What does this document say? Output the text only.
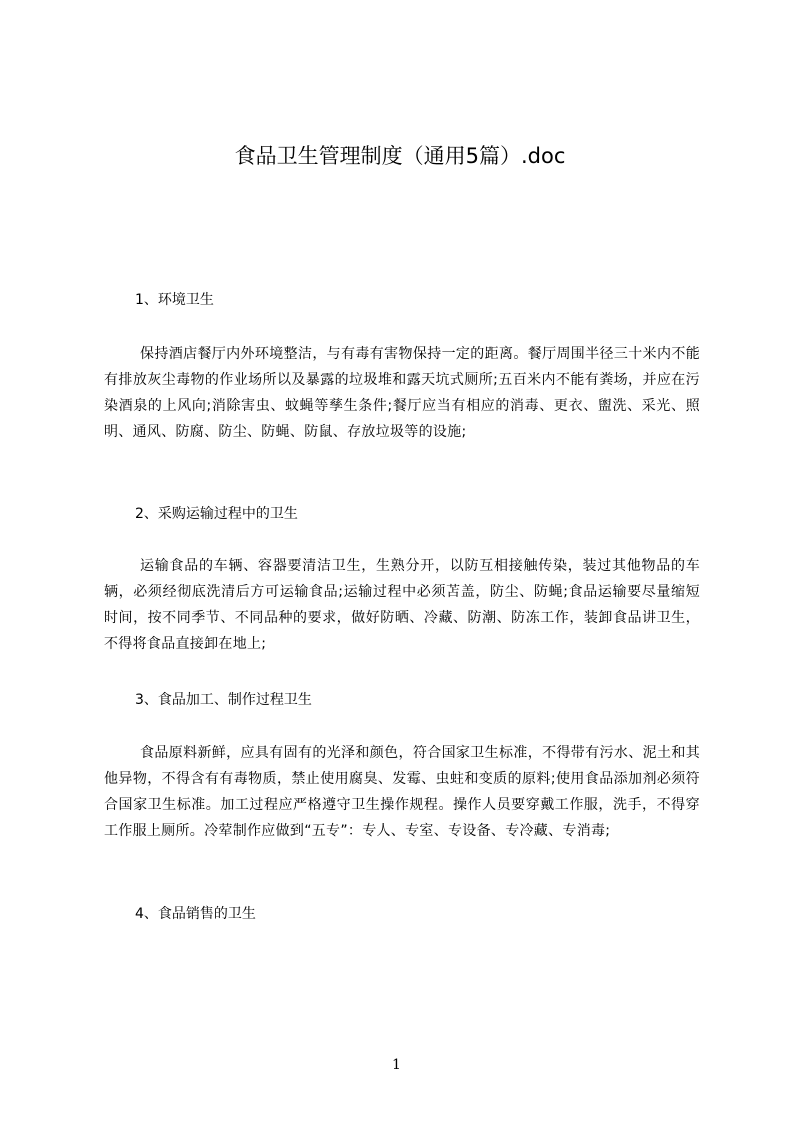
食品卫生管理制度（通用5篇）.doc
1、环境卫生
保持酒店餐厅内外环境整洁，与有毒有害物保持一定的距离。餐厅周围半径三十米内不能有排放灰尘毒物的作业场所以及暴露的垃圾堆和露天坑式厕所;五百米内不能有粪场，并应在污染酒泉的上风向;消除害虫、蚊蝇等孳生条件;餐厅应当有相应的消毒、更衣、盥洗、采光、照明、通风、防腐、防尘、防蝇、防鼠、存放垃圾等的设施;
2、采购运输过程中的卫生
运输食品的车辆、容器要清洁卫生，生熟分开，以防互相接触传染，装过其他物品的车辆，必须经彻底洗清后方可运输食品;运输过程中必须苫盖，防尘、防蝇;食品运输要尽量缩短时间，按不同季节、不同品种的要求，做好防晒、冷藏、防潮、防冻工作，装卸食品讲卫生，不得将食品直接卸在地上;
3、食品加工、制作过程卫生
食品原料新鲜，应具有固有的光泽和颜色，符合国家卫生标准，不得带有污水、泥土和其他异物，不得含有有毒物质，禁止使用腐臭、发霉、虫蛀和变质的原料;使用食品添加剂必须符合国家卫生标准。加工过程应严格遵守卫生操作规程。操作人员要穿戴工作服，洗手，不得穿工作服上厕所。冷荤制作应做到“五专”：专人、专室、专设备、专冷藏、专消毒;
4、食品销售的卫生
1
